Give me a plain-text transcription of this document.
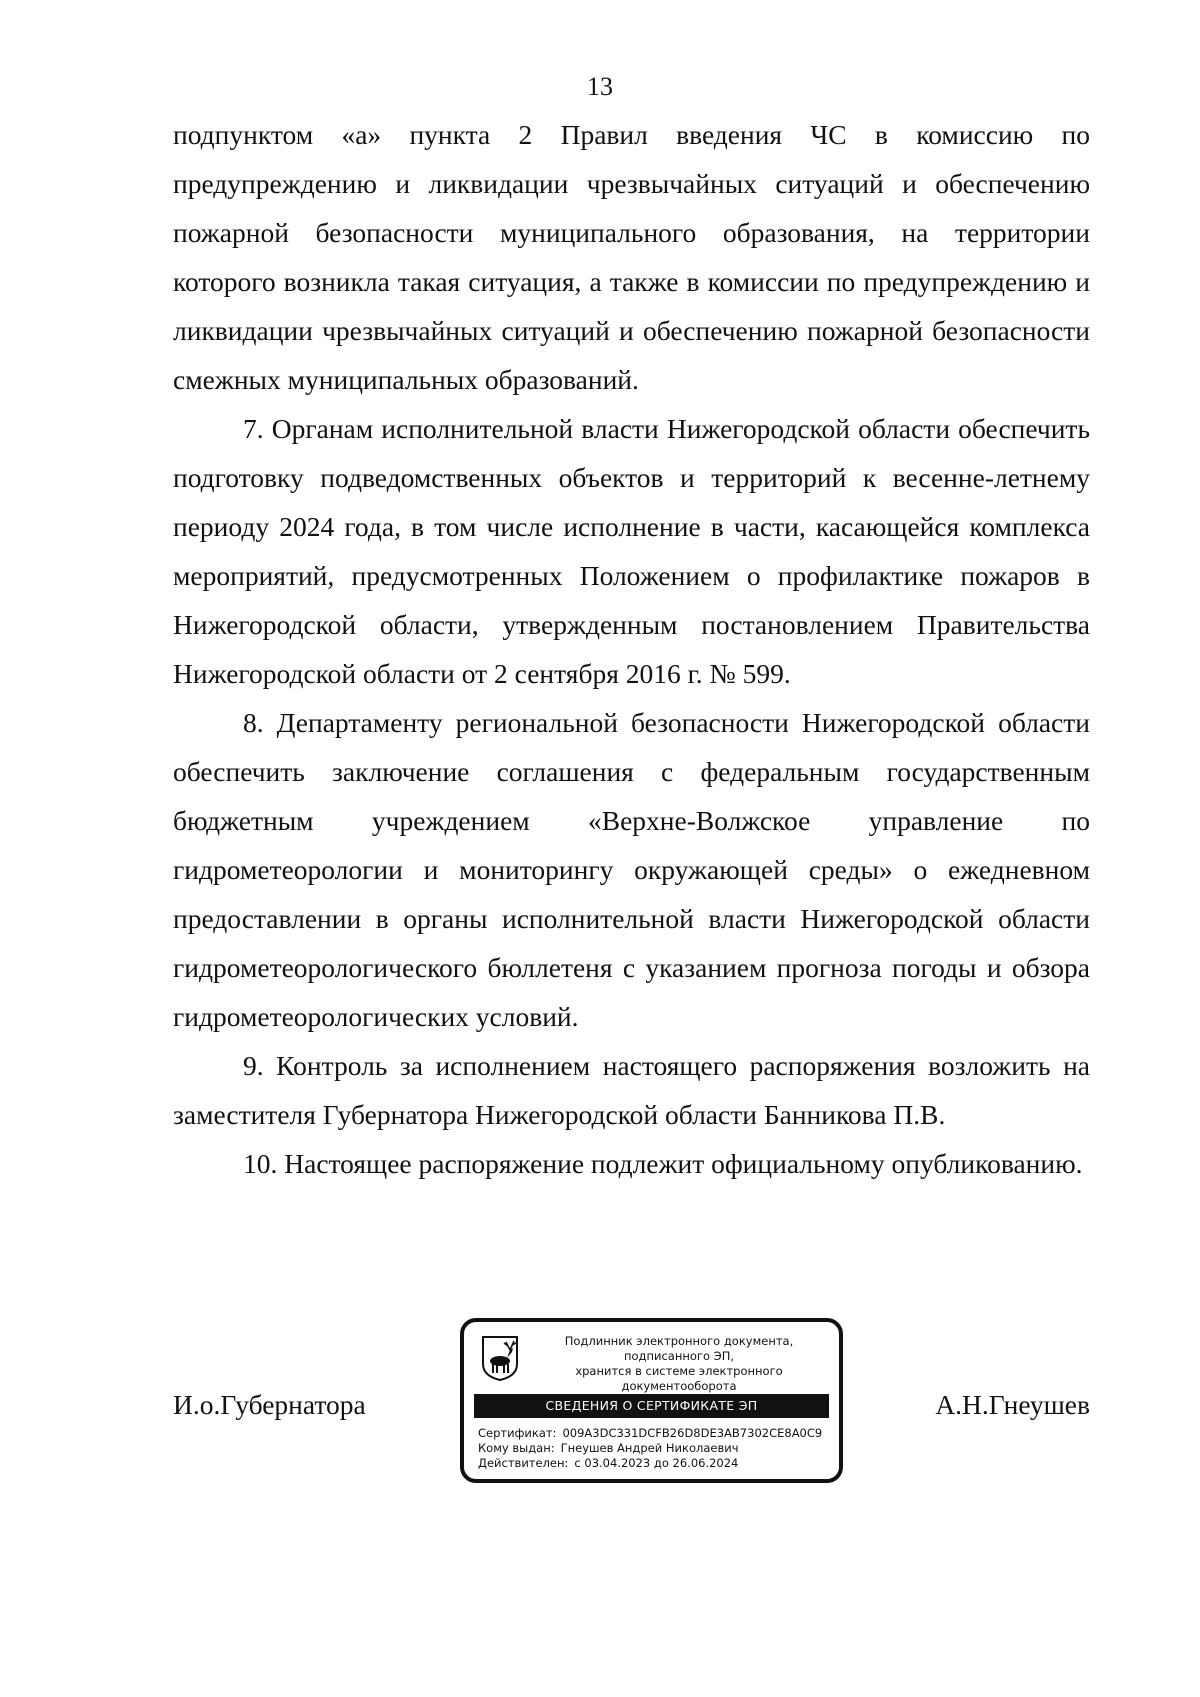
13

подпунктом «а» пункта 2 Правил введения ЧС в комиссию по предупреждению и ликвидации чрезвычайных ситуаций и обеспечению пожарной безопасности муниципального образования, на территории которого возникла такая ситуация, а также в комиссии по предупреждению и ликвидации чрезвычайных ситуаций и обеспечению пожарной безопасности смежных муниципальных образований.

7. Органам исполнительной власти Нижегородской области обеспечить подготовку подведомственных объектов и территорий к весенне-летнему периоду 2024 года, в том числе исполнение в части, касающейся комплекса мероприятий, предусмотренных Положением о профилактике пожаров в Нижегородской области, утвержденным постановлением Правительства Нижегородской области от 2 сентября 2016 г. № 599.

8. Департаменту региональной безопасности Нижегородской области обеспечить заключение соглашения с федеральным государственным бюджетным учреждением «Верхне-Волжское управление по гидрометеорологии и мониторингу окружающей среды» о ежедневном предоставлении в органы исполнительной власти Нижегородской области гидрометеорологического бюллетеня с указанием прогноза погоды и обзора гидрометеорологических условий.

9. Контроль за исполнением настоящего распоряжения возложить на заместителя Губернатора Нижегородской области Банникова П.В.

10. Настоящее распоряжение подлежит официальному опубликованию.

И.о.Губернатора	А.Н.Гнеушев
Подлинник электронного документа, подписанного ЭП,
хранится в системе электронного документооборота
СВЕДЕНИЯ О СЕРТИФИКАТЕ ЭП
Сертификат: 009A3DC331DCFB26D8DE3AB7302CE8A0C9
Кому выдан: Гнеушев Андрей Николаевич
Действителен: с 03.04.2023 до 26.06.2024
